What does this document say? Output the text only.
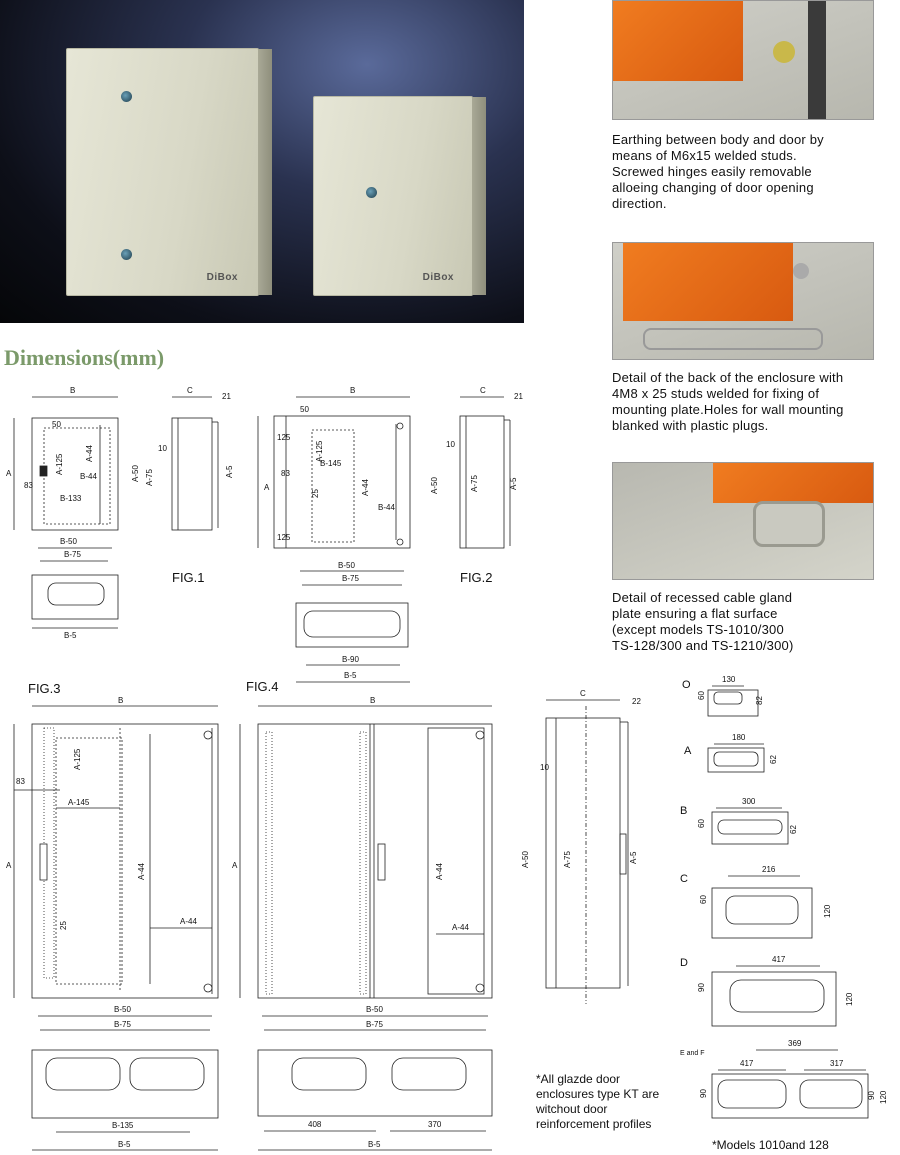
DiBox	DiBox
Earthing between body and door by
means of M6x15 welded studs.
Screwed hinges easily removable
alloeing changing of door opening
direction.
Detail of the back of the enclosure with
4M8 x 25 studs welded for fixing of
mounting plate.Holes for wall mounting
blanked with plastic plugs.
Detail of recessed cable gland
plate ensuring a flat surface
(except models TS-1010/300
TS-128/300 and TS-1210/300)
Dimensions(mm)
B
A
50
83
A-125
A-44
B-44
B-133
C
21
10
A-50 A-75	A-5
B-50
B-75
B-5
B
A
50
125
125
83
A-125
B-145
25	A-44
B-44
C
21
10
A-50	A-75	A-5
B-50
B-75
B-90
B-5
B
A
83
A-125
A-145
25
A-44
A-44
B-50
B-75
B-135
B-5
B
A	A-44
A-44
B-50
B-75
408	370
B-5
C
22
10
A-50	A-75	A-5
O	130
60
82
A
180
62
B
300
60
62
C
216
60
120
D	417
90
120
E and F
369
417	317
90	90 120
FIG.1	FIG.2
FIG.3	FIG.4
*All glazde door
enclosures type KT are
witchout door
reinforcement profiles
*Models 1010and 128
